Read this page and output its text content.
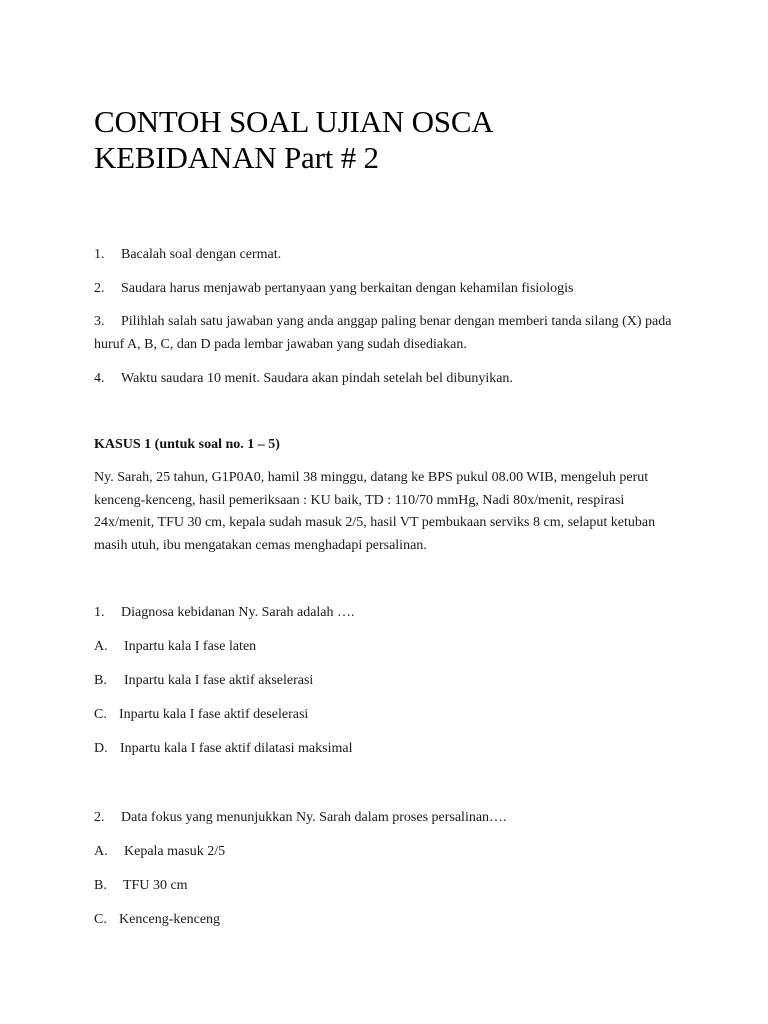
CONTOH SOAL UJIAN OSCA
KEBIDANAN Part # 2
1. Bacalah soal dengan cermat.
2. Saudara harus menjawab pertanyaan yang berkaitan dengan kehamilan fisiologis

3. Pilihlah salah satu jawaban yang anda anggap paling benar dengan memberi tanda silang (X) pada huruf A, B, C, dan D pada lembar jawaban yang sudah disediakan.

4. Waktu saudara 10 menit. Saudara akan pindah setelah bel dibunyikan.
KASUS 1 (untuk soal no. 1 – 5)

Ny. Sarah, 25 tahun, G1P0A0, hamil 38 minggu, datang ke BPS pukul 08.00 WIB, mengeluh perut kenceng-kenceng, hasil pemeriksaan : KU baik, TD : 110/70 mmHg, Nadi 80x/menit, respirasi 24x/menit, TFU 30 cm, kepala sudah masuk 2/5, hasil VT pembukaan serviks 8 cm, selaput ketuban masih utuh, ibu mengatakan cemas menghadapi persalinan.

1. Diagnosa kebidanan Ny. Sarah adalah ….
A. Inpartu kala I fase laten
B. Inpartu kala I fase aktif akselerasi
C. Inpartu kala I fase aktif deselerasi
D. Inpartu kala I fase aktif dilatasi maksimal
2. Data fokus yang menunjukkan Ny. Sarah dalam proses persalinan….
A. Kepala masuk 2/5
B. TFU 30 cm
C. Kenceng-kenceng
